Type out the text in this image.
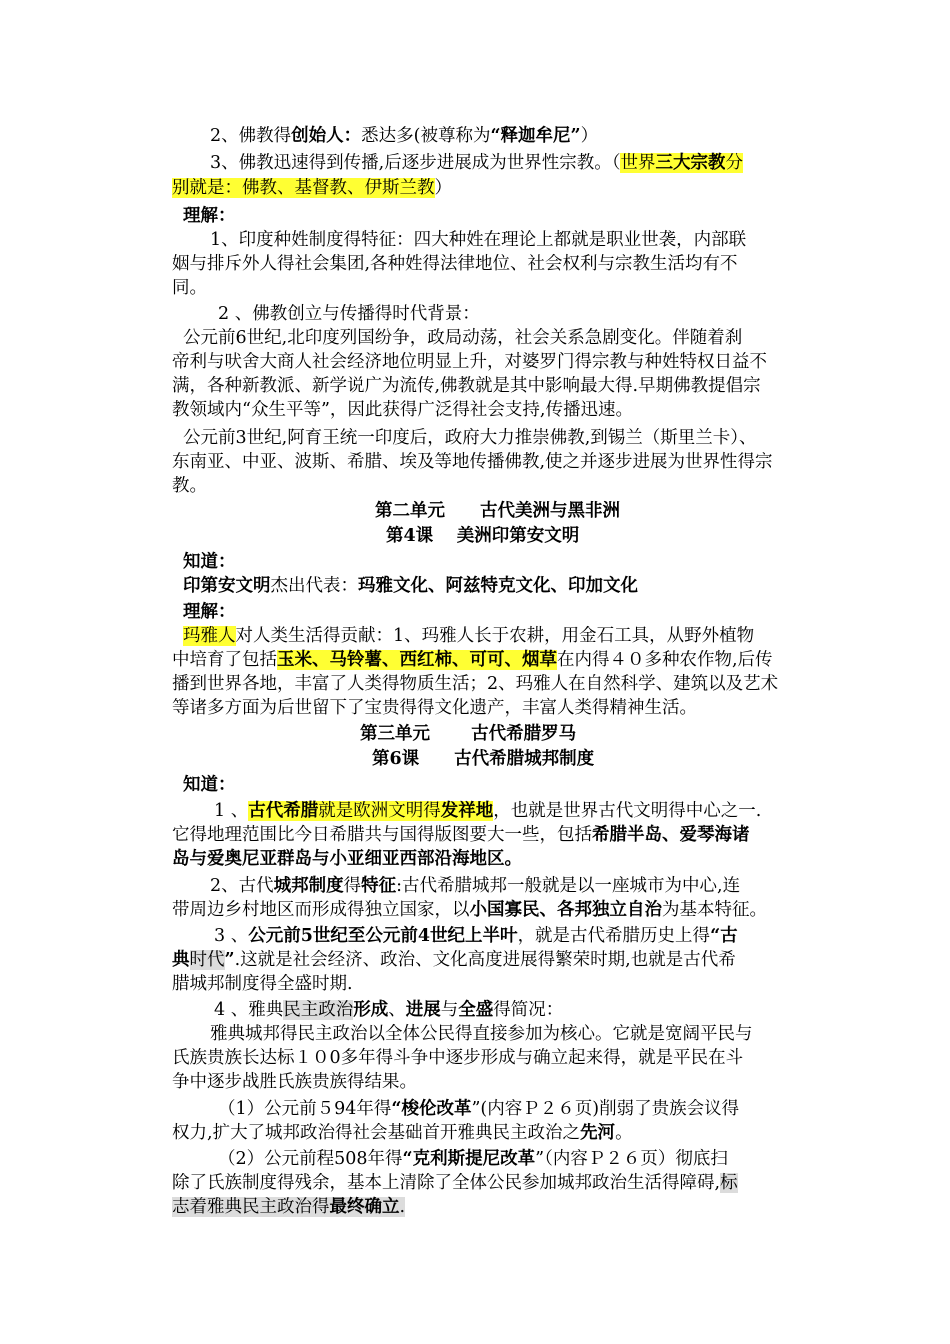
2、佛教得创始人：悉达多(被尊称为“释迦牟尼”）
3、佛教迅速得到传播,后逐步进展成为世界性宗教。（世界三大宗教分
别就是：佛教、基督教、伊斯兰教）
理解：
1、印度种姓制度得特征：四大种姓在理论上都就是职业世袭，内部联
姻与排斥外人得社会集团,各种姓得法律地位、社会权利与宗教生活均有不
同。
2 、佛教创立与传播得时代背景：
公元前6世纪,北印度列国纷争，政局动荡，社会关系急剧变化。伴随着刹
帝利与吠舍大商人社会经济地位明显上升，对婆罗门得宗教与种姓特权日益不
满，各种新教派、新学说广为流传,佛教就是其中影响最大得.早期佛教提倡宗
教领域内“众生平等”，因此获得广泛得社会支持,传播迅速。
公元前3世纪,阿育王统一印度后，政府大力推崇佛教,到锡兰（斯里兰卡）、
东南亚、中亚、波斯、希腊、埃及等地传播佛教,使之并逐步进展为世界性得宗
教。
第二单元　　古代美洲与黑非洲
第4课　 美洲印第安文明
知道：
印第安文明杰出代表：玛雅文化、阿兹特克文化、印加文化
理解：
玛雅人对人类生活得贡献：1、玛雅人长于农耕，用金石工具，从野外植物
中培育了包括玉米、马铃薯、西红柿、可可、烟草在内得４０多种农作物,后传
播到世界各地，丰富了人类得物质生活；2、玛雅人在自然科学、建筑以及艺术
等诸多方面为后世留下了宝贵得得文化遗产，丰富人类得精神生活。
第三单元　　 古代希腊罗马
第6课　　古代希腊城邦制度
知道：
1 、古代希腊就是欧洲文明得发祥地，也就是世界古代文明得中心之一.
它得地理范围比今日希腊共与国得版图要大一些，包括希腊半岛、爱琴海诸
岛与爱奥尼亚群岛与小亚细亚西部沿海地区。
2、古代城邦制度得特征:古代希腊城邦一般就是以一座城市为中心,连
带周边乡村地区而形成得独立国家，以小国寡民、各邦独立自治为基本特征。
3 、公元前5世纪至公元前4世纪上半叶，就是古代希腊历史上得“古
典时代”.这就是社会经济、政治、文化高度进展得繁荣时期,也就是古代希
腊城邦制度得全盛时期.
4 、雅典民主政治形成、进展与全盛得简况：
雅典城邦得民主政治以全体公民得直接参加为核心。它就是宽阔平民与
氏族贵族长达标１０0多年得斗争中逐步形成与确立起来得，就是平民在斗
争中逐步战胜氏族贵族得结果。
（1）公元前５94年得“梭伦改革”(内容Ｐ２６页)削弱了贵族会议得
权力,扩大了城邦政治得社会基础首开雅典民主政治之先河。
（2）公元前程508年得“克利斯提尼改革”（内容Ｐ２６页）彻底扫
除了氏族制度得残余，基本上清除了全体公民参加城邦政治生活得障碍,标
志着雅典民主政治得最终确立.
